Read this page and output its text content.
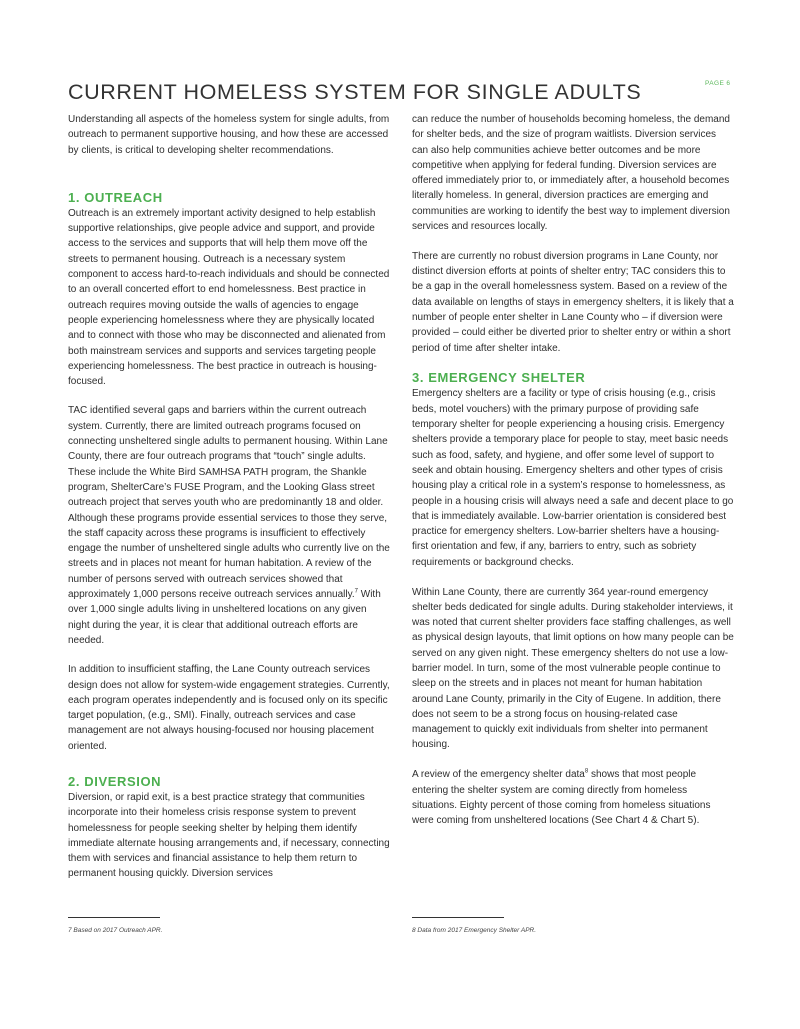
PAGE 6
CURRENT HOMELESS SYSTEM FOR SINGLE ADULTS

Understanding all aspects of the homeless system for single adults, from outreach to permanent supportive housing, and how these are accessed by clients, is critical to developing shelter recommendations.

1. OUTREACH

Outreach is an extremely important activity designed to help establish supportive relationships, give people advice and support, and provide access to the services and supports that will help them move off the streets to permanent housing. Outreach is a necessary system component to access hard-to-reach individuals and should be connected to an overall concerted effort to end homelessness. Best practice in outreach requires moving outside the walls of agencies to engage people experiencing homelessness where they are physically located and to connect with those who may be disconnected and alienated from both mainstream services and supports and services targeting people experiencing homelessness. The best practice in outreach is housing-focused.

TAC identified several gaps and barriers within the current outreach system. Currently, there are limited outreach programs focused on connecting unsheltered single adults to permanent housing. Within Lane County, there are four outreach programs that “touch” single adults. These include the White Bird SAMHSA PATH program, the Shankle program, ShelterCare’s FUSE Program, and the Looking Glass street outreach project that serves youth who are predominantly 18 and older. Although these programs provide essential services to those they serve, the staff capacity across these programs is insufficient to effectively engage the number of unsheltered single adults who currently live on the streets and in places not meant for human habitation. A review of the number of persons served with outreach services showed that approximately 1,000 persons receive outreach services annually.$^7$ With over 1,000 single adults living in unsheltered locations on any given night during the year, it is clear that additional outreach efforts are needed.

In addition to insufficient staffing, the Lane County outreach services design does not allow for system-wide engagement strategies. Currently, each program operates independently and is focused only on its specific target population, (e.g., SMI). Finally, outreach services and case management are not always housing-focused nor housing placement oriented.

2. DIVERSION

Diversion, or rapid exit, is a best practice strategy that communities incorporate into their homeless crisis response system to prevent homelessness for people seeking shelter by helping them identify immediate alternate housing arrangements and, if necessary, connecting them with services and financial assistance to help them return to permanent housing quickly. Diversion services

can reduce the number of households becoming homeless, the demand for shelter beds, and the size of program waitlists. Diversion services can also help communities achieve better outcomes and be more competitive when applying for federal funding. Diversion services are offered immediately prior to, or immediately after, a household becomes literally homeless. In general, diversion practices are emerging and communities are working to identify the best way to implement diversion services and resources locally.

There are currently no robust diversion programs in Lane County, nor distinct diversion efforts at points of shelter entry; TAC considers this to be a gap in the overall homelessness system. Based on a review of the data available on lengths of stays in emergency shelters, it is likely that a number of people enter shelter in Lane County who – if diversion were provided – could either be diverted prior to shelter entry or within a short period of time after shelter intake.

3. EMERGENCY SHELTER

Emergency shelters are a facility or type of crisis housing (e.g., crisis beds, motel vouchers) with the primary purpose of providing safe temporary shelter for people experiencing a housing crisis. Emergency shelters provide a temporary place for people to stay, meet basic needs such as food, safety, and hygiene, and offer some level of support to seek and obtain housing. Emergency shelters and other types of crisis housing play a critical role in a system’s response to homelessness, as people in a housing crisis will always need a safe and decent place to go that is immediately available. Low-barrier orientation is considered best practice for emergency shelters. Low-barrier shelters have a housing-first orientation and few, if any, barriers to entry, such as sobriety requirements or background checks.

Within Lane County, there are currently 364 year-round emergency shelter beds dedicated for single adults. During stakeholder interviews, it was noted that current shelter providers face staffing challenges, as well as physical design layouts, that limit options on how many people can be served on any given night. These emergency shelters do not use a low-barrier model. In turn, some of the most vulnerable people continue to sleep on the streets and in places not meant for human habitation around Lane County, primarily in the City of Eugene. In addition, there does not seem to be a strong focus on housing-related case management to quickly exit individuals from shelter into permanent housing.

A review of the emergency shelter data$^8$ shows that most people entering the shelter system are coming directly from homeless situations. Eighty percent of those coming from homeless situations were coming from unsheltered locations (See Chart 4 & Chart 5).

7 Based on 2017 Outreach APR.	8 Data from 2017 Emergency Shelter APR.
